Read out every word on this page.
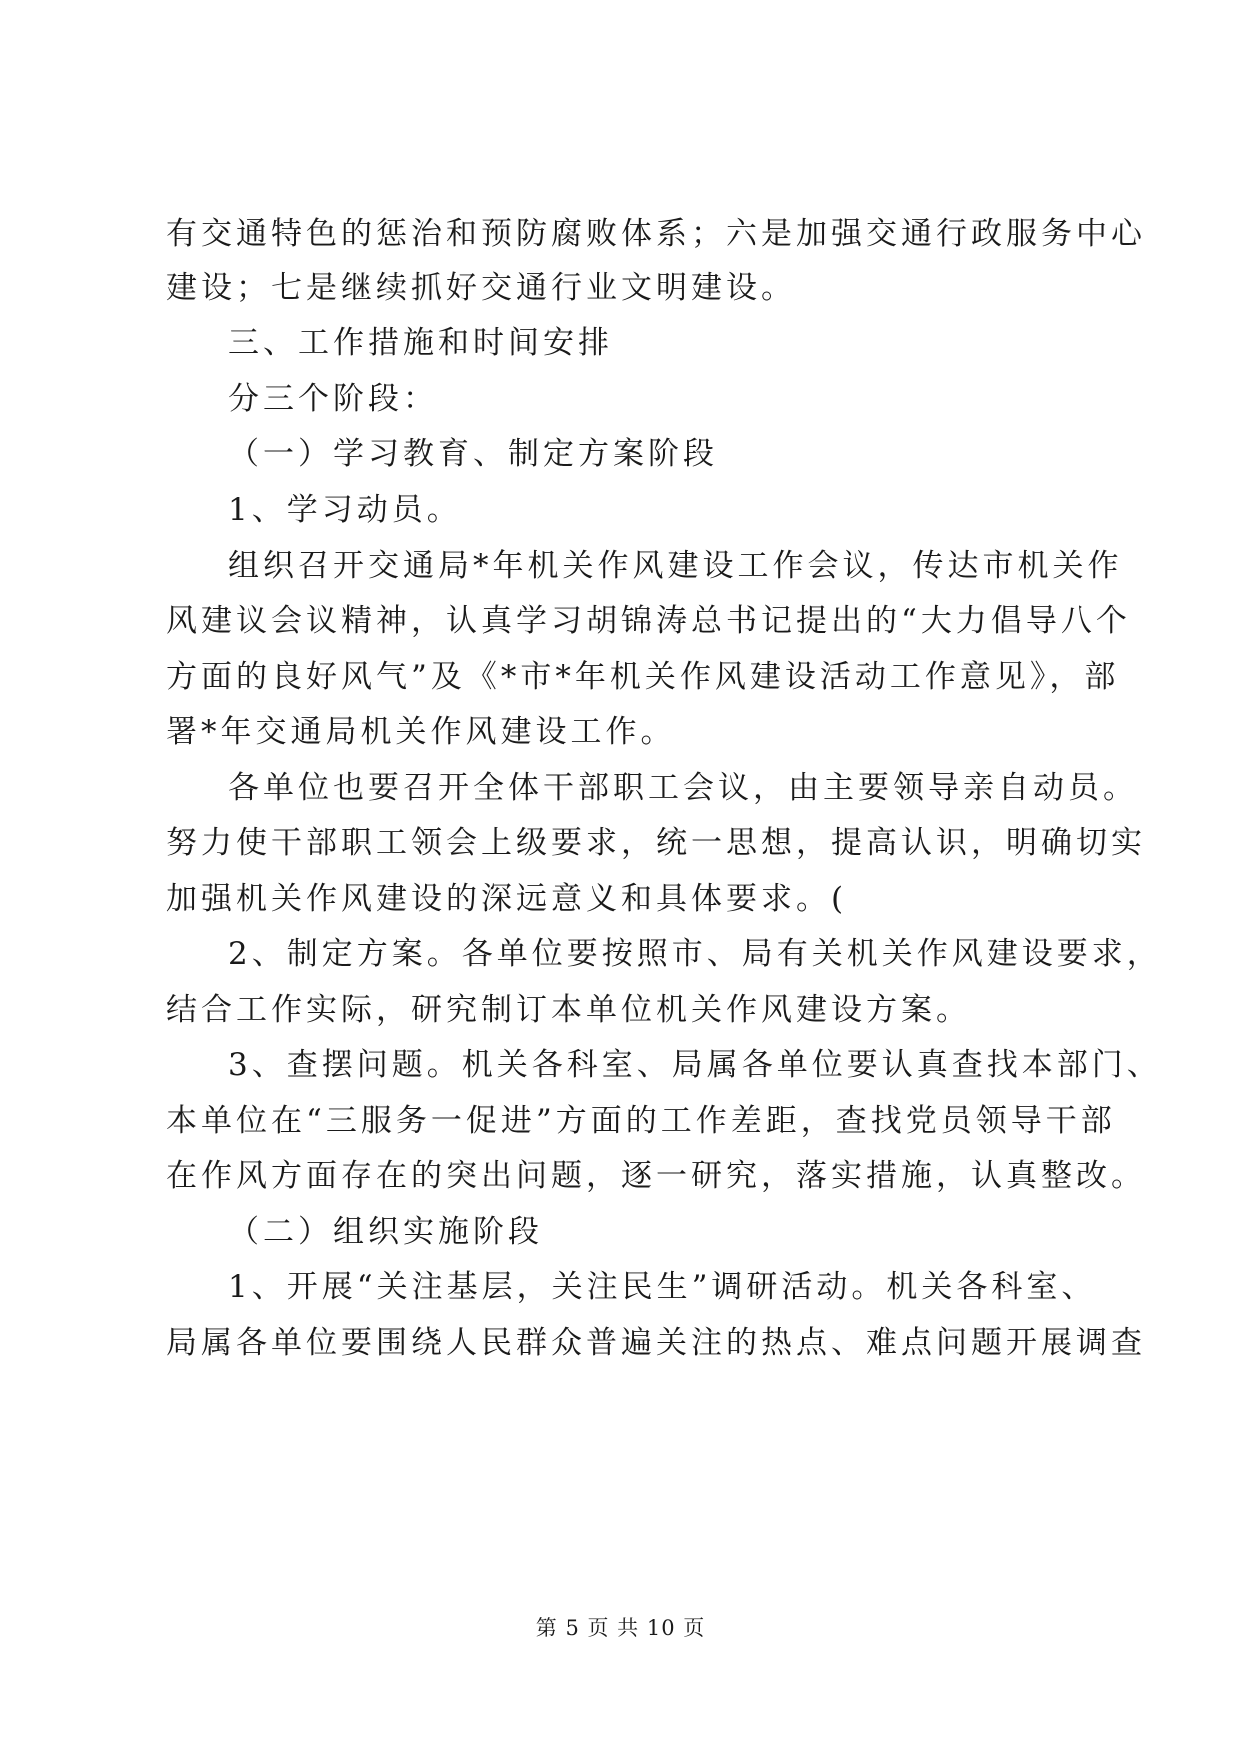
有交通特色的惩治和预防腐败体系；六是加强交通行政服务中心
建设；七是继续抓好交通行业文明建设。
三、工作措施和时间安排
分三个阶段：
（一）学习教育、制定方案阶段
1、学习动员。
组织召开交通局*年机关作风建设工作会议，传达市机关作
风建议会议精神，认真学习胡锦涛总书记提出的“大力倡导八个
方面的良好风气”及《*市*年机关作风建设活动工作意见》，部
署*年交通局机关作风建设工作。
各单位也要召开全体干部职工会议，由主要领导亲自动员。
努力使干部职工领会上级要求，统一思想，提高认识，明确切实
加强机关作风建设的深远意义和具体要求。(
2、制定方案。各单位要按照市、局有关机关作风建设要求，
结合工作实际，研究制订本单位机关作风建设方案。
3、查摆问题。机关各科室、局属各单位要认真查找本部门、
本单位在“三服务一促进”方面的工作差距，查找党员领导干部
在作风方面存在的突出问题，逐一研究，落实措施，认真整改。
（二）组织实施阶段
1、开展“关注基层，关注民生”调研活动。机关各科室、
局属各单位要围绕人民群众普遍关注的热点、难点问题开展调查
第 5 页 共 10 页
